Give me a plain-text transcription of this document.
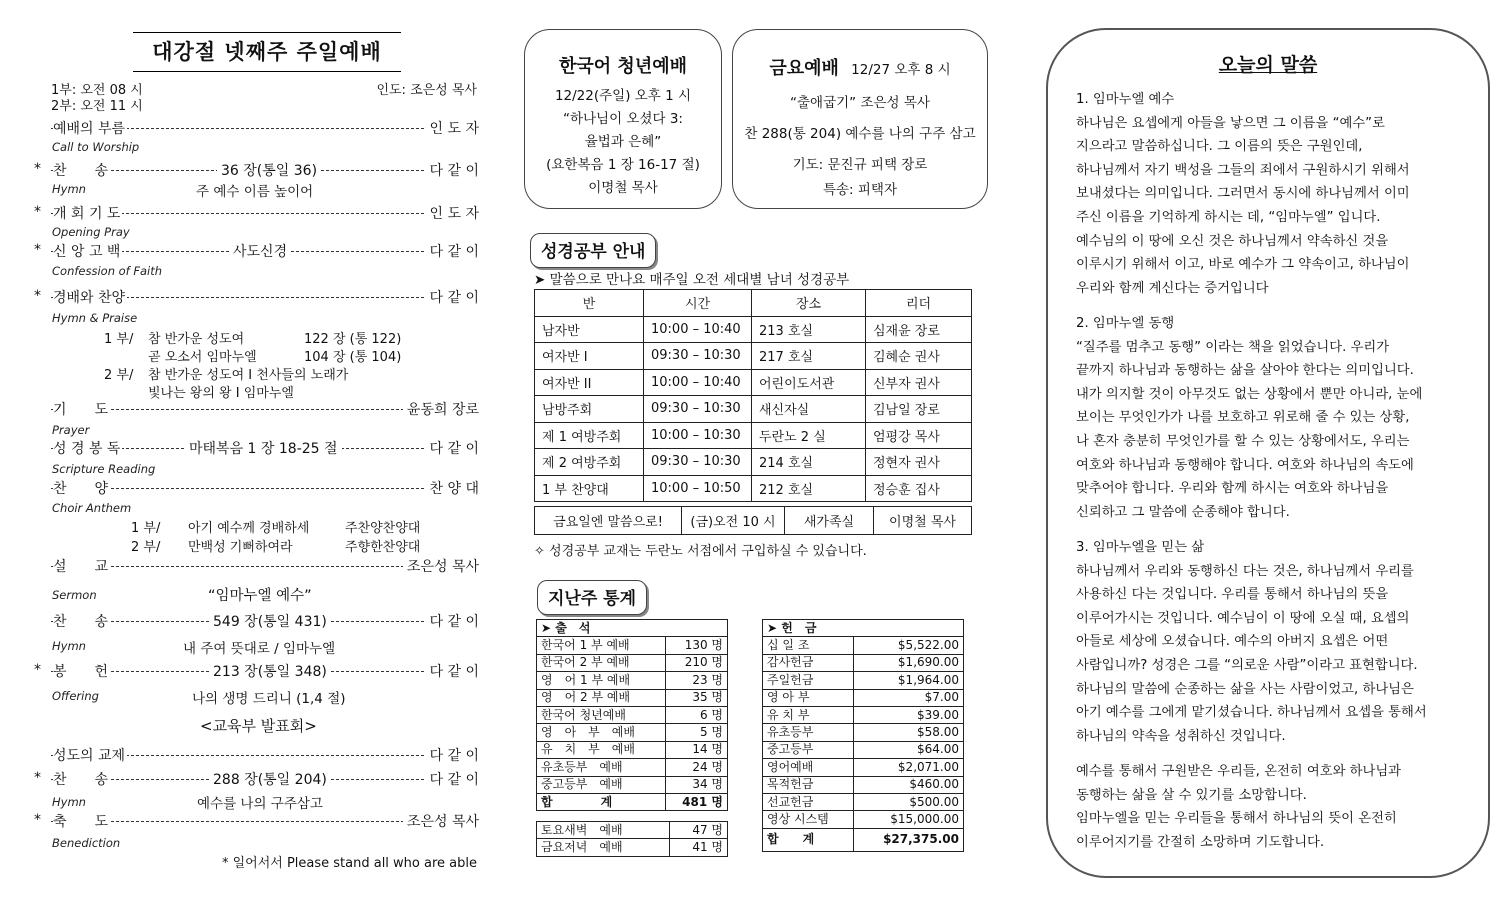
대강절 넷째주 주일예배
1부: 오전 08 시
2부: 오전 11 시
인도: 조은성 목사
예배의 부름	인 도 자
Call to Worship
* 찬　　송	36 장(통일 36)	다 같 이
Hymn	주 예수 이름 높이어
* 개 회 기 도	인 도 자
Opening Pray
* 신 앙 고 백	사도신경	다 같 이
Confession of Faith
* 경배와 찬양	다 같 이
Hymn & Praise
1 부/ 참 반가운 성도여	122 장 (통 122)
곧 오소서 임마누엘	104 장 (통 104)
2 부/ 참 반가운 성도여 I 천사들의 노래가
빛나는 왕의 왕 I 임마누엘
기　　도	윤동희 장로
Prayer
성 경 봉 독	마태복음 1 장 18-25 절	다 같 이
Scripture Reading
찬　　양	찬 양 대
Choir Anthem
1 부/ 아기 예수께 경배하세	주찬양찬양대
2 부/ 만백성 기뻐하여라	주향한찬양대
설　　교	조은성 목사
Sermon	“임마누엘 예수”
찬　　송	549 장(통일 431)	다 같 이
Hymn	내 주여 뜻대로 / 임마누엘
* 봉　　헌	213 장(통일 348)	다 같 이
Offering	나의 생명 드리니 (1,4 절)
<교육부 발표회>
성도의 교제	다 같 이
* 찬　　송	288 장(통일 204)	다 같 이
Hymn	예수를 나의 구주삼고
* 축　　도	조은성 목사
Benediction
* 일어서서 Please stand all who are able
한국어 청년예배
12/22(주일) 오후 1 시
“하나님이 오셨다 3:
율법과 은혜”
(요한복음 1 장 16-17 절)
이명철 목사
금요예배 12/27 오후 8 시
“출애굽기” 조은성 목사
찬 288(통 204) 예수를 나의 구주 삼고
기도: 문진규 피택 장로
특송: 피택자
성경공부 안내
➤ 말씀으로 만나요 매주일 오전 세대별 남녀 성경공부
반	시간	장소	리더
남자반	10:00 – 10:40	213 호실	심재윤 장로
여자반 I	09:30 – 10:30	217 호실	김혜순 권사
여자반 II	10:00 – 10:40	어린이도서관	신부자 권사
남방주회	09:30 – 10:30	새신자실	김남일 장로
제 1 여방주회	10:00 – 10:30	두란노 2 실	엄평강 목사
제 2 여방주회	09:30 – 10:30	214 호실	정현자 권사
1 부 찬양대	10:00 – 10:50	212 호실	정승훈 집사
금요일엔 말씀으로!	(금)오전 10 시	새가족실	이명철 목사
✧ 성경공부 교재는 두란노 서점에서 구입하실 수 있습니다.
지난주 통계
➤ 출　석	
한국어 1 부 예배	130 명
한국어 2 부 예배	210 명
영　어 1 부 예배	23 명
영　어 2 부 예배	35 명
한국어 청년예배	6 명
영　아　부　예배	5 명
유　치　부　예배	14 명
유초등부　예배	24 명
중고등부　예배	34 명
합　　　　계	481 명
토요새벽　예배	47 명
금요저녁　예배	41 명
➤ 헌　금	
십 일 조	$5,522.00
감사헌금	$1,690.00
주일헌금	$1,964.00
영 아 부	$7.00
유 치 부	$39.00
유초등부	$58.00
중고등부	$64.00
영어예배	$2,071.00
목적헌금	$460.00
선교헌금	$500.00
영상 시스템	$15,000.00
합　　계	$27,375.00
오늘의 말씀
1. 임마누엘 예수
하나님은 요셉에게 아들을 낳으면 그 이름을 “예수”로
지으라고 말씀하십니다. 그 이름의 뜻은 구원인데,
하나님께서 자기 백성을 그들의 죄에서 구원하시기 위해서
보내셨다는 의미입니다. 그러면서 동시에 하나님께서 이미
주신 이름을 기억하게 하시는 데, “임마누엘” 입니다.
예수님의 이 땅에 오신 것은 하나님께서 약속하신 것을
이루시기 위해서 이고, 바로 예수가 그 약속이고, 하나님이
우리와 함께 계신다는 증거입니다
2. 임마누엘 동행
“질주를 멈추고 동행” 이라는 책을 읽었습니다. 우리가
끝까지 하나님과 동행하는 삶을 살아야 한다는 의미입니다.
내가 의지할 것이 아무것도 없는 상황에서 뿐만 아니라, 눈에
보이는 무엇인가가 나를 보호하고 위로해 줄 수 있는 상황,
나 혼자 충분히 무엇인가를 할 수 있는 상황에서도, 우리는
여호와 하나님과 동행해야 합니다. 여호와 하나님의 속도에
맞추어야 합니다. 우리와 함께 하시는 여호와 하나님을
신뢰하고 그 말씀에 순종해야 합니다.
3. 임마누엘을 믿는 삶
하나님께서 우리와 동행하신 다는 것은, 하나님께서 우리를
사용하신 다는 것입니다. 우리를 통해서 하나님의 뜻을
이루어가시는 것입니다. 예수님이 이 땅에 오실 때, 요셉의
아들로 세상에 오셨습니다. 예수의 아버지 요셉은 어떤
사람입니까? 성경은 그를 “의로운 사람”이라고 표현합니다.
하나님의 말씀에 순종하는 삶을 사는 사람이었고, 하나님은
아기 예수를 그에게 맡기셨습니다. 하나님께서 요셉을 통해서
하나님의 약속을 성취하신 것입니다.
예수를 통해서 구원받은 우리들, 온전히 여호와 하나님과
동행하는 삶을 살 수 있기를 소망합니다.
임마누엘을 믿는 우리들을 통해서 하나님의 뜻이 온전히
이루어지기를 간절히 소망하며 기도합니다.
